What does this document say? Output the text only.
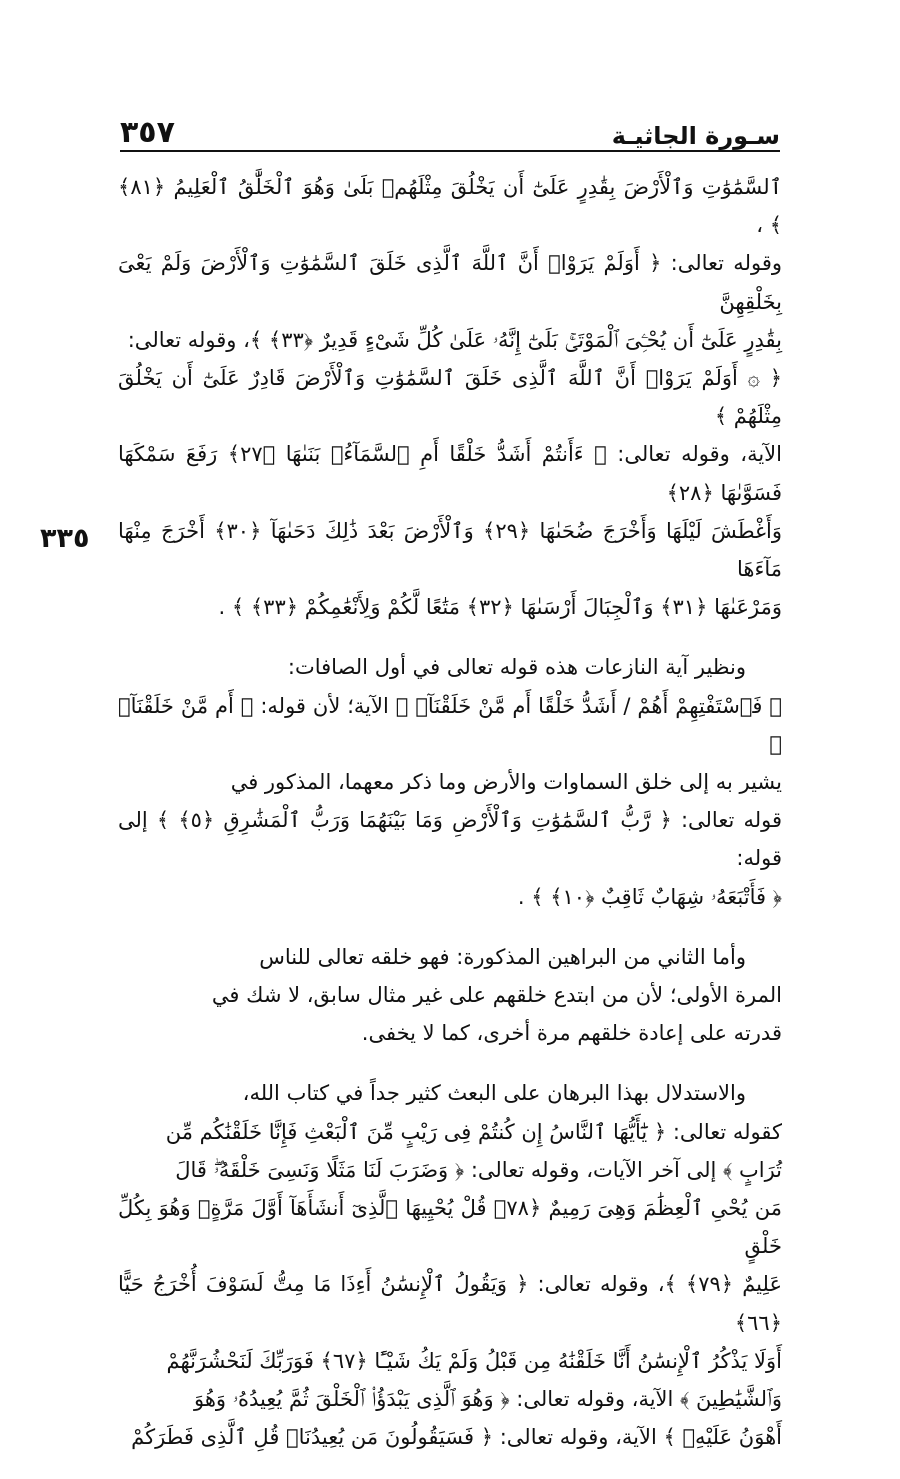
٣٥٧	سـورة الجاثيـة
٣٣٥

ٱلسَّمَٰوَٰتِ وَٱلْأَرْضَ بِقَٰدِرٍ عَلَىٰٓ أَن يَخْلُقَ مِثْلَهُمۚ بَلَىٰ وَهُوَ ٱلْخَلَّٰقُ ٱلْعَلِيمُ ﴿٨١﴾ ﴾ ،

وقوله تعالى: ﴿ أَوَلَمْ يَرَوْا۟ أَنَّ ٱللَّهَ ٱلَّذِى خَلَقَ ٱلسَّمَٰوَٰتِ وَٱلْأَرْضَ وَلَمْ يَعْىَ بِخَلْقِهِنَّ

بِقَٰدِرٍ عَلَىٰٓ أَن يُحْـِۧىَ ٱلْمَوْتَىٰۚ بَلَىٰٓ إِنَّهُۥ عَلَىٰ كُلِّ شَىْءٍ قَدِيرٌ ﴿٣٣﴾ ﴾، وقوله تعالى:

﴿ ۞ أَوَلَمْ يَرَوْا۟ أَنَّ ٱللَّهَ ٱلَّذِى خَلَقَ ٱلسَّمَٰوَٰتِ وَٱلْأَرْضَ قَادِرٌ عَلَىٰٓ أَن يَخْلُقَ مِثْلَهُمْ ﴾

الآية، وقوله تعالى: ﴿ ءَأَنتُمْ أَشَدُّ خَلْقًا أَمِ ٱلسَّمَآءُۚ بَنَىٰهَا ﴿٢٧﴾ رَفَعَ سَمْكَهَا فَسَوَّىٰهَا ﴿٢٨﴾

وَأَغْطَشَ لَيْلَهَا وَأَخْرَجَ ضُحَىٰهَا ﴿٢٩﴾ وَٱلْأَرْضَ بَعْدَ ذَٰلِكَ دَحَىٰهَآ ﴿٣٠﴾ أَخْرَجَ مِنْهَا مَآءَهَا

وَمَرْعَىٰهَا ﴿٣١﴾ وَٱلْجِبَالَ أَرْسَىٰهَا ﴿٣٢﴾ مَتَٰعًا لَّكُمْ وَلِأَنْعَٰمِكُمْ ﴿٣٣﴾ ﴾ .

ونظير آية النازعات هذه قوله تعالى في أول الصافات:

﴿ فَٱسْتَفْتِهِمْ أَهُمْ / أَشَدُّ خَلْقًا أَم مَّنْ خَلَقْنَآۚ ﴾ الآية؛ لأن قوله: ﴿ أَم مَّنْ خَلَقْنَآۚ ﴾

يشير به إلى خلق السماوات والأرض وما ذكر معهما، المذكور في

قوله تعالى: ﴿ رَّبُّ ٱلسَّمَٰوَٰتِ وَٱلْأَرْضِ وَمَا بَيْنَهُمَا وَرَبُّ ٱلْمَشَٰرِقِ ﴿٥﴾ ﴾ إلى قوله:

﴿ فَأَتْبَعَهُۥ شِهَابٌ ثَاقِبٌ ﴿١٠﴾ ﴾ .

وأما الثاني من البراهين المذكورة: فهو خلقه تعالى للناس

المرة الأولى؛ لأن من ابتدع خلقهم على غير مثال سابق، لا شك في

قدرته على إعادة خلقهم مرة أخرى، كما لا يخفى.

والاستدلال بهذا البرهان على البعث كثير جداً في كتاب الله،

كقوله تعالى: ﴿ يَٰٓأَيُّهَا ٱلنَّاسُ إِن كُنتُمْ فِى رَيْبٍ مِّنَ ٱلْبَعْثِ فَإِنَّا خَلَقْنَٰكُم مِّن

تُرَابٍ ﴾ إلى آخر الآيات، وقوله تعالى: ﴿ وَضَرَبَ لَنَا مَثَلًا وَنَسِىَ خَلْقَهُۥۖ قَالَ

مَن يُحْىِ ٱلْعِظَٰمَ وَهِىَ رَمِيمٌ ﴿٧٨﴾ قُلْ يُحْيِيهَا ٱلَّذِىٓ أَنشَأَهَآ أَوَّلَ مَرَّةٍۖ وَهُوَ بِكُلِّ خَلْقٍ

عَلِيمٌ ﴿٧٩﴾ ﴾، وقوله تعالى: ﴿ وَيَقُولُ ٱلْإِنسَٰنُ أَءِذَا مَا مِتُّ لَسَوْفَ أُخْرَجُ حَيًّا ﴿٦٦﴾

أَوَلَا يَذْكُرُ ٱلْإِنسَٰنُ أَنَّا خَلَقْنَٰهُ مِن قَبْلُ وَلَمْ يَكُ شَيْـًٔا ﴿٦٧﴾ فَوَرَبِّكَ لَنَحْشُرَنَّهُمْ

وَٱلشَّيَٰطِينَ ﴾ الآية، وقوله تعالى: ﴿ وَهُوَ ٱلَّذِى يَبْدَؤُا۟ ٱلْخَلْقَ ثُمَّ يُعِيدُهُۥ وَهُوَ

أَهْوَنُ عَلَيْهِۚ ﴾ الآية، وقوله تعالى: ﴿ فَسَيَقُولُونَ مَن يُعِيدُنَاۖ قُلِ ٱلَّذِى فَطَرَكُمْ
